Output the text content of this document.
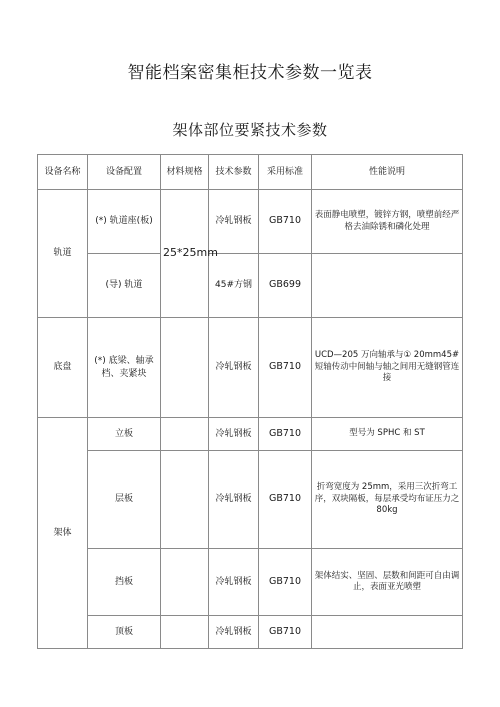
智能档案密集柜技术参数一览表
架体部位要紧技术参数
设备名称	设备配置	材料规格	技术参数	采用标准	性能说明
轨道	(*) 轨道座(板)	25*25mm	冷轧钢板	GB710	表面静电喷塑，镀锌方钢，喷塑前经严格去油除锈和磷化处理
	(导) 轨道		45#方钢	GB699	
底盘	(*) 底梁、轴承档、夹紧块		冷轧钢板	GB710	UCD—205 万向轴承与① 20mm45#短轴传动中间轴与轴之间用无缝钢管连接
架体	立板		冷轧钢板	GB710	型号为 SPHC 和 ST
	层板		冷轧钢板	GB710	折弯宽度为 25mm，采用三次折弯工序，双块隔板，每层承受均布证压力之 80kg
	挡板		冷轧钢板	GB710	架体结实、坚固、层数和间距可自由调止，表面亚光喷塑
	顶板		冷轧钢板	GB710	
